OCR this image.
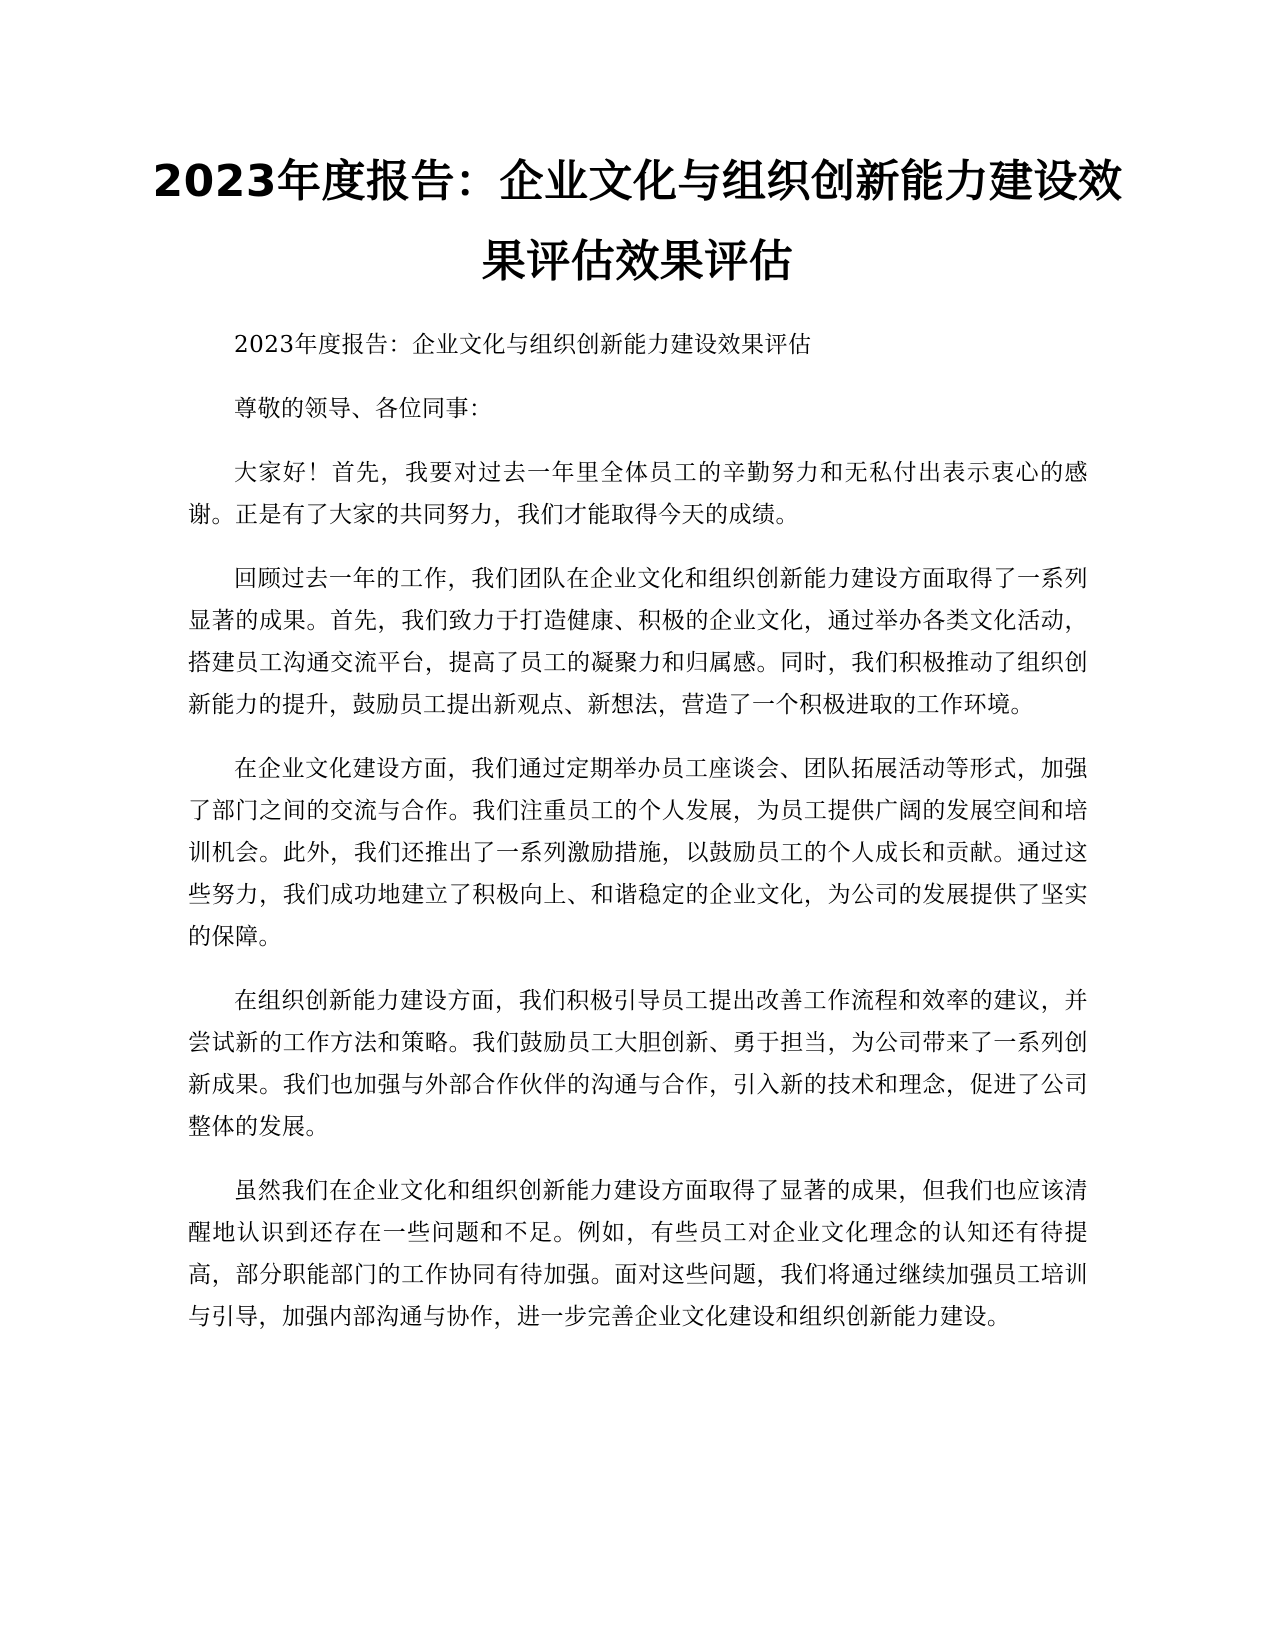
2023年度报告：企业文化与组织创新能力建设效果评估效果评估

2023年度报告：企业文化与组织创新能力建设效果评估

尊敬的领导、各位同事：

大家好！首先，我要对过去一年里全体员工的辛勤努力和无私付出表示衷心的感谢。正是有了大家的共同努力，我们才能取得今天的成绩。

回顾过去一年的工作，我们团队在企业文化和组织创新能力建设方面取得了一系列显著的成果。首先，我们致力于打造健康、积极的企业文化，通过举办各类文化活动，搭建员工沟通交流平台，提高了员工的凝聚力和归属感。同时，我们积极推动了组织创新能力的提升，鼓励员工提出新观点、新想法，营造了一个积极进取的工作环境。

在企业文化建设方面，我们通过定期举办员工座谈会、团队拓展活动等形式，加强了部门之间的交流与合作。我们注重员工的个人发展，为员工提供广阔的发展空间和培训机会。此外，我们还推出了一系列激励措施，以鼓励员工的个人成长和贡献。通过这些努力，我们成功地建立了积极向上、和谐稳定的企业文化，为公司的发展提供了坚实的保障。

在组织创新能力建设方面，我们积极引导员工提出改善工作流程和效率的建议，并尝试新的工作方法和策略。我们鼓励员工大胆创新、勇于担当，为公司带来了一系列创新成果。我们也加强与外部合作伙伴的沟通与合作，引入新的技术和理念，促进了公司整体的发展。

虽然我们在企业文化和组织创新能力建设方面取得了显著的成果，但我们也应该清醒地认识到还存在一些问题和不足。例如，有些员工对企业文化理念的认知还有待提高，部分职能部门的工作协同有待加强。面对这些问题，我们将通过继续加强员工培训与引导，加强内部沟通与协作，进一步完善企业文化建设和组织创新能力建设。
